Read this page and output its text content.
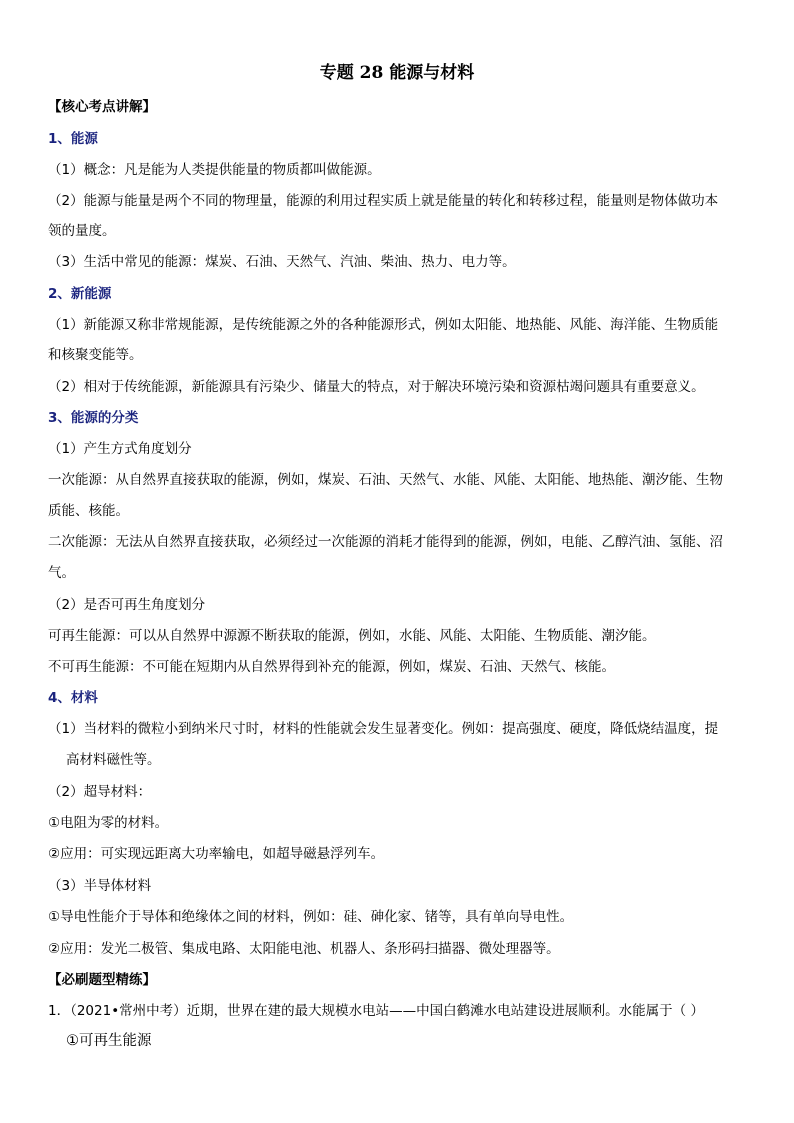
专题 28 能源与材料
【核心考点讲解】
1、能源
（1）概念：凡是能为人类提供能量的物质都叫做能源。
（2）能源与能量是两个不同的物理量，能源的利用过程实质上就是能量的转化和转移过程，能量则是物体做功本
领的量度。
（3）生活中常见的能源：煤炭、石油、天然气、汽油、柴油、热力、电力等。
2、新能源
（1）新能源又称非常规能源，是传统能源之外的各种能源形式，例如太阳能、地热能、风能、海洋能、生物质能
和核聚变能等。
（2）相对于传统能源，新能源具有污染少、储量大的特点，对于解决环境污染和资源枯竭问题具有重要意义。
3、能源的分类
（1）产生方式角度划分
一次能源：从自然界直接获取的能源，例如，煤炭、石油、天然气、水能、风能、太阳能、地热能、潮汐能、生物
质能、核能。
二次能源：无法从自然界直接获取，必须经过一次能源的消耗才能得到的能源，例如，电能、乙醇汽油、氢能、沼
气。
（2）是否可再生角度划分
可再生能源：可以从自然界中源源不断获取的能源，例如，水能、风能、太阳能、生物质能、潮汐能。
不可再生能源：不可能在短期内从自然界得到补充的能源，例如，煤炭、石油、天然气、核能。
4、材料
（1）当材料的微粒小到纳米尺寸时，材料的性能就会发生显著变化。例如：提高强度、硬度，降低烧结温度，提
高材料磁性等。
（2）超导材料：
①电阻为零的材料。
②应用：可实现远距离大功率输电，如超导磁悬浮列车。
（3）半导体材料
①导电性能介于导体和绝缘体之间的材料，例如：硅、砷化家、锗等，具有单向导电性。
②应用：发光二极管、集成电路、太阳能电池、机器人、条形码扫描器、微处理器等。
【必刷题型精练】
1．（2021•常州中考）近期，世界在建的最大规模水电站——中国白鹤滩水电站建设进展顺利。水能属于（ ）
①可再生能源
